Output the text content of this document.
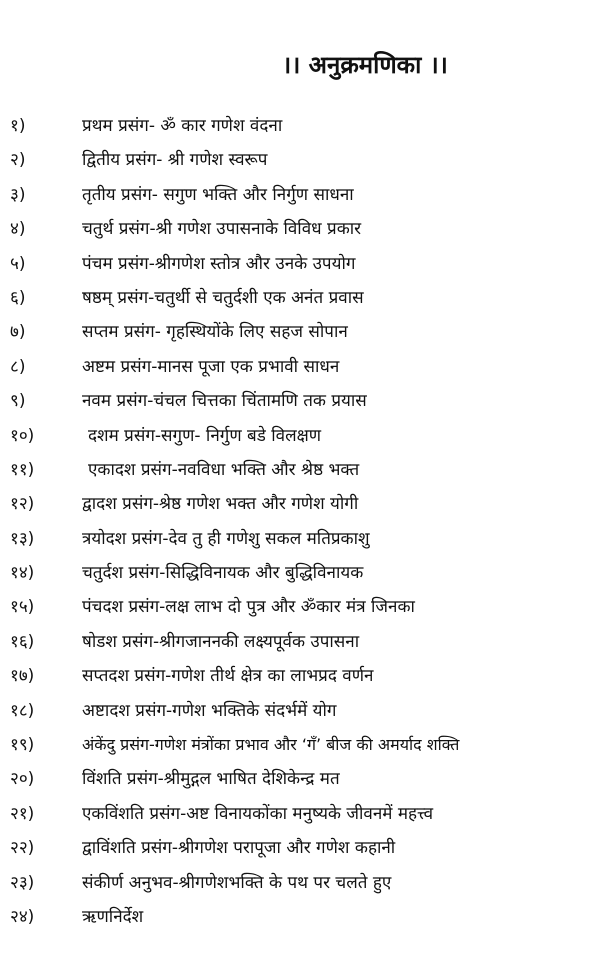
।। अनुक्रमणिका ।।
१)	प्रथम प्रसंग- ॐ कार गणेश वंदना
२)	द्वितीय प्रसंग- श्री गणेश स्वरूप
३)	तृतीय प्रसंग- सगुण भक्ति और निर्गुण साधना
४)	चतुर्थ प्रसंग-श्री गणेश उपासनाके विविध प्रकार
५)	पंचम प्रसंग-श्रीगणेश स्तोत्र और उनके उपयोग
६)	षष्ठम् प्रसंग-चतुर्थी से चतुर्दशी एक अनंत प्रवास
७)	सप्तम प्रसंग- गृहस्थियोंके लिए सहज सोपान
८)	अष्टम प्रसंग-मानस पूजा एक प्रभावी साधन
९)	नवम प्रसंग-चंचल चित्तका चिंतामणि तक प्रयास
१०)	दशम प्रसंग-सगुण- निर्गुण बडे विलक्षण
११)	एकादश प्रसंग-नवविधा भक्ति और श्रेष्ठ भक्त
१२)	द्वादश प्रसंग-श्रेष्ठ गणेश भक्त और गणेश योगी
१३)	त्रयोदश प्रसंग-देव तु ही गणेशु सकल मतिप्रकाशु
१४)	चतुर्दश प्रसंग-सिद्धिविनायक और बुद्धिविनायक
१५)	पंचदश प्रसंग-लक्ष लाभ दो पुत्र और ॐकार मंत्र जिनका
१६)	षोडश प्रसंग-श्रीगजाननकी लक्ष्यपूर्वक उपासना
१७)	सप्तदश प्रसंग-गणेश तीर्थ क्षेत्र का लाभप्रद वर्णन
१८)	अष्टादश प्रसंग-गणेश भक्तिके संदर्भमें योग
१९)	अंकेंदु प्रसंग-गणेश मंत्रोंका प्रभाव और ‘गँ’ बीज की अमर्याद शक्ति
२०)	विंशति प्रसंग-श्रीमुद्गल भाषित देशिकेन्द्र मत
२१)	एकविंशति प्रसंग-अष्ट विनायकोंका मनुष्यके जीवनमें महत्त्व
२२)	द्वाविंशति प्रसंग-श्रीगणेश परापूजा और गणेश कहानी
२३)	संकीर्ण अनुभव-श्रीगणेशभक्ति के पथ पर चलते हुए
२४)	ऋणनिर्देश
